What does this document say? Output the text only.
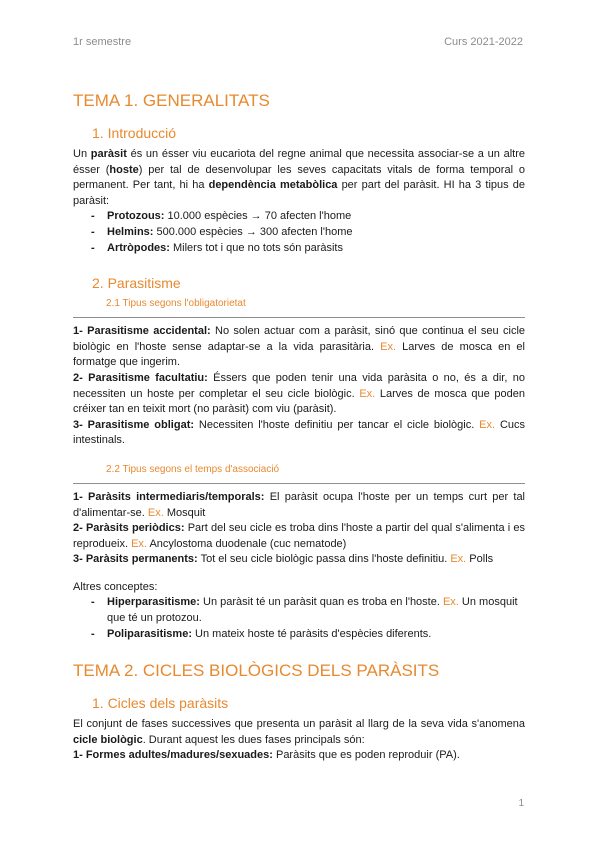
1r semestre	Curs 2021-2022
TEMA 1. GENERALITATS
1. Introducció

Un paràsit és un ésser viu eucariota del regne animal que necessita associar-se a un altre ésser (hoste) per tal de desenvolupar les seves capacitats vitals de forma temporal o permanent. Per tant, hi ha dependència metabòlica per part del paràsit. HI ha 3 tipus de paràsit:

- Protozous: 10.000 espècies → 70 afecten l'home
- Helmins: 500.000 espècies → 300 afecten l'home
- Artròpodes: Milers tot i que no tots són paràsits
2. Parasitisme
2.1 Tipus segons l'obligatorietat

1- Parasitisme accidental: No solen actuar com a paràsit, sinó que continua el seu cicle biològic en l'hoste sense adaptar-se a la vida parasitària. Ex. Larves de mosca en el formatge que ingerim.

2- Parasitisme facultatiu: Éssers que poden tenir una vida paràsita o no, és a dir, no necessiten un hoste per completar el seu cicle biològic. Ex. Larves de mosca que poden créixer tan en teixit mort (no paràsit) com viu (paràsit).

3- Parasitisme obligat: Necessiten l'hoste definitiu per tancar el cicle biològic. Ex. Cucs intestinals.

2.2 Tipus segons el temps d'associació

1- Paràsits intermediaris/temporals: El paràsit ocupa l'hoste per un temps curt per tal d'alimentar-se. Ex. Mosquit

2- Paràsits periòdics: Part del seu cicle es troba dins l'hoste a partir del qual s'alimenta i es reprodueix. Ex. Ancylostoma duodenale (cuc nematode)

3- Paràsits permanents: Tot el seu cicle biològic passa dins l'hoste definitiu. Ex. Polls

Altres conceptes:

- Hiperparasitisme: Un paràsit té un paràsit quan es troba en l'hoste. Ex. Un mosquit que té un protozou.
- Poliparasitisme: Un mateix hoste té paràsits d'espècies diferents.
TEMA 2. CICLES BIOLÒGICS DELS PARÀSITS
1. Cicles dels paràsits

El conjunt de fases successives que presenta un paràsit al llarg de la seva vida s'anomena cicle biològic. Durant aquest les dues fases principals són:

1- Formes adultes/madures/sexuades: Paràsits que es poden reproduir (PA).

1
